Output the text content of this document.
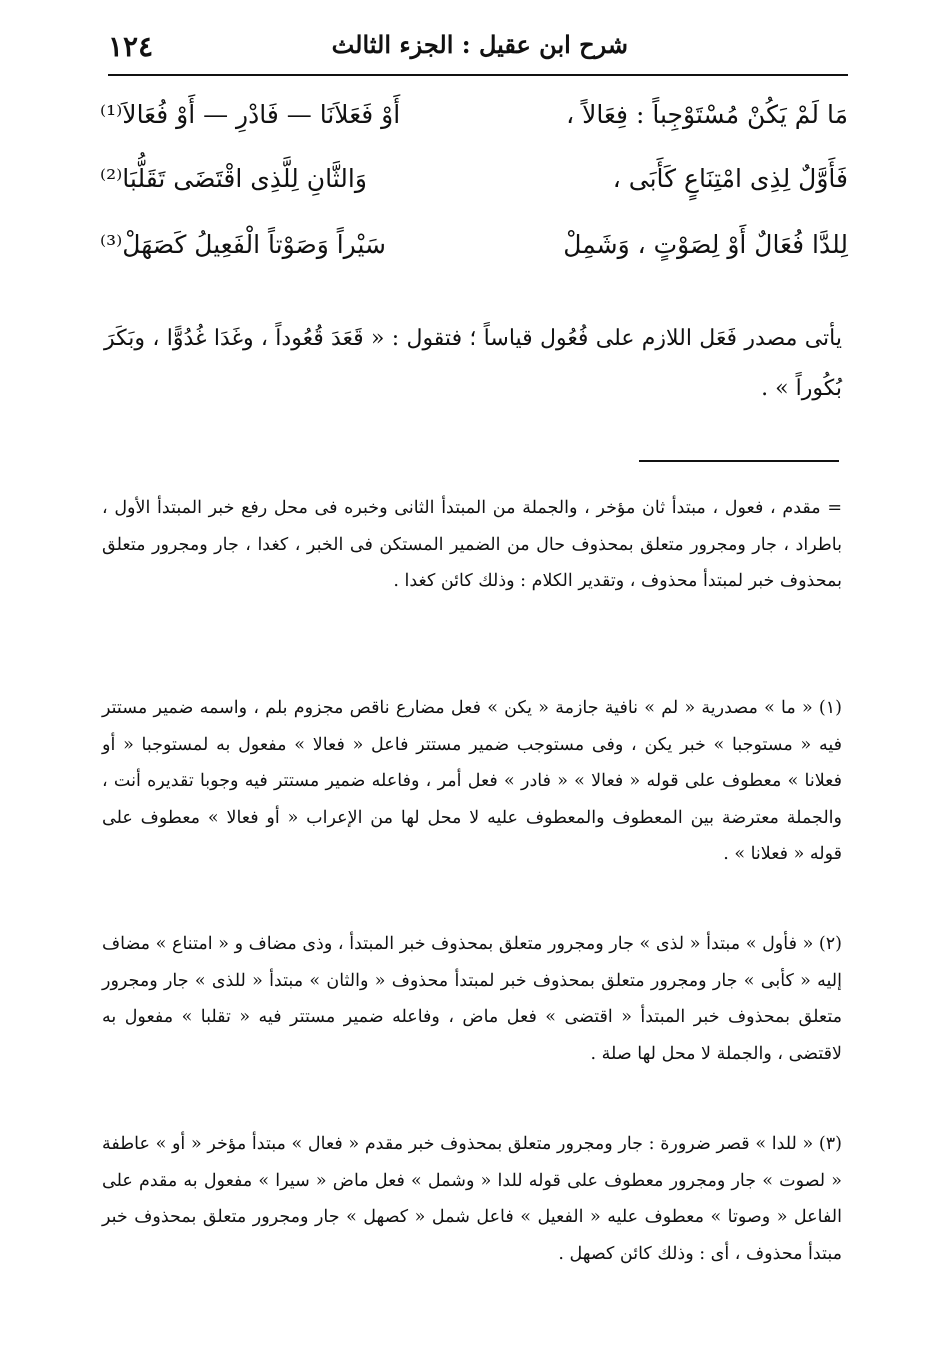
١٢٤	شرح ابن عقيل : الجزء الثالث
مَا لَمْ يَكُنْ مُسْتَوْجِباً : فِعَالاً ،
أَوْ فَعَلاَنَا — فَادْرِ — أَوْ فُعَالاَ⁽¹⁾
فَأَوَّلٌ لِذِى امْتِنَاعٍ كَأَبَى ،
وَالثَّانِ لِلَّذِى اقْتَضَى تَقَلُّبَا⁽²⁾
لِلدَّا فُعَالٌ أَوْ لِصَوْتٍ ، وَشَمِلْ
سَيْراً وَصَوْتاً الْفَعِيلُ كَصَهَلْ⁽³⁾
يأتى مصدر فَعَل اللازم على فُعُول قياساً ؛ فتقول : « قَعَدَ قُعُوداً ، وغَدَا غُدُوًّا ، وبَكَرَ بُكُوراً » .
= مقدم ، فعول ، مبتدأ ثان مؤخر ، والجملة من المبتدأ الثانى وخبره فى محل رفع خبر المبتدأ الأول ، باطراد ، جار ومجرور متعلق بمحذوف حال من الضمير المستكن فى الخبر ، كغدا ، جار ومجرور متعلق بمحذوف خبر لمبتدأ محذوف ، وتقدير الكلام : وذلك كائن كغدا .
(١) « ما » مصدرية « لم » نافية جازمة « يكن » فعل مضارع ناقص مجزوم بلم ، واسمه ضمير مستتر فيه « مستوجبا » خبر يكن ، وفى مستوجب ضمير مستتر فاعل « فعالا » مفعول به لمستوجبا « أو فعلانا » معطوف على قوله « فعالا » « فادر » فعل أمر ، وفاعله ضمير مستتر فيه وجوبا تقديره أنت ، والجملة معترضة بين المعطوف والمعطوف عليه لا محل لها من الإعراب « أو فعالا » معطوف على قوله « فعلانا » .
(٢) « فأول » مبتدأ « لذى » جار ومجرور متعلق بمحذوف خبر المبتدأ ، وذى مضاف و « امتناع » مضاف إليه « كأبى » جار ومجرور متعلق بمحذوف خبر لمبتدأ محذوف « والثان » مبتدأ « للذى » جار ومجرور متعلق بمحذوف خبر المبتدأ « اقتضى » فعل ماض ، وفاعله ضمير مستتر فيه « تقلبا » مفعول به لاقتضى ، والجملة لا محل لها صلة .
(٣) « للدا » قصر ضرورة : جار ومجرور متعلق بمحذوف خبر مقدم « فعال » مبتدأ مؤخر « أو » عاطفة « لصوت » جار ومجرور معطوف على قوله للدا « وشمل » فعل ماض « سيرا » مفعول به مقدم على الفاعل « وصوتا » معطوف عليه « الفعيل » فاعل شمل « كصهل » جار ومجرور متعلق بمحذوف خبر مبتدأ محذوف ، أى : وذلك كائن كصهل .
